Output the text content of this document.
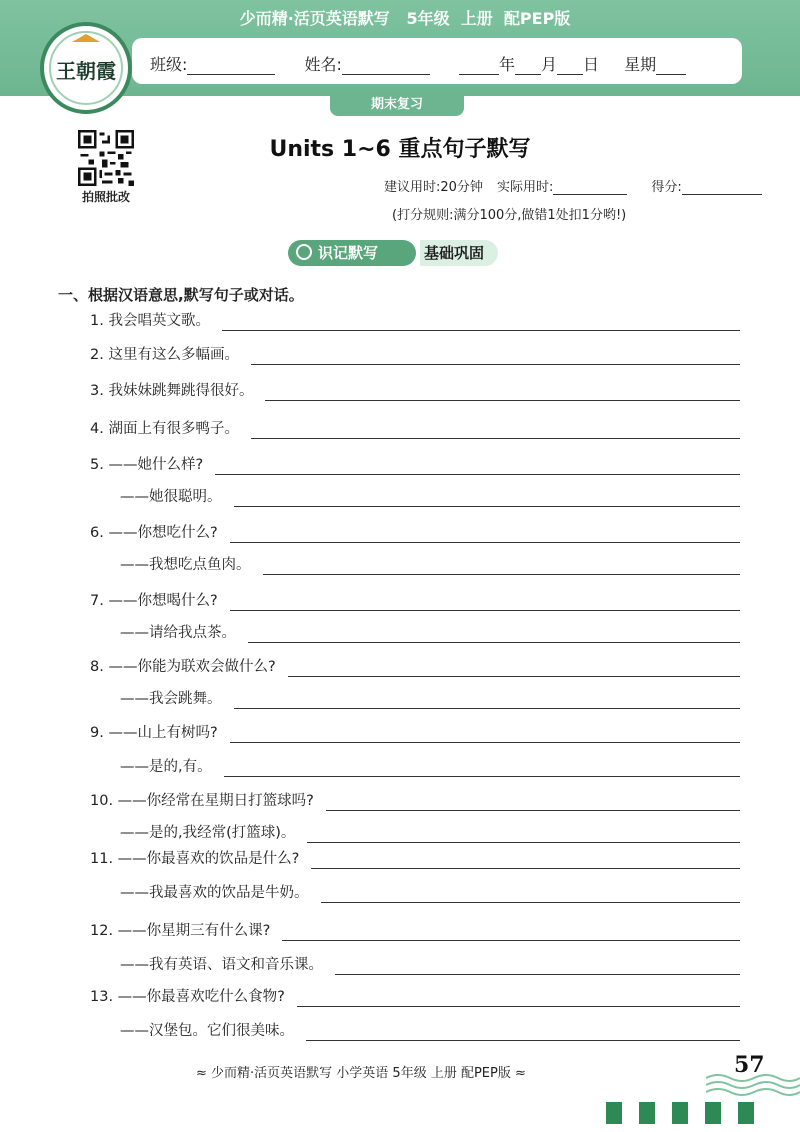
少而精·活页英语默写   5年级  上册  配PEP版
王朝霞 班级:	姓名:	年 月 日 星期
期末复习
拍照批改
Units 1~6 重点句子默写
建议用时:20分钟 实际用时:	得分:
(打分规则:满分100分,做错1处扣1分哟!)
识记默写	基础巩固
一、根据汉语意思,默写句子或对话。
1. 我会唱英文歌。
2. 这里有这么多幅画。
3. 我妹妹跳舞跳得很好。
4. 湖面上有很多鸭子。
5. ——她什么样?
——她很聪明。
6. ——你想吃什么?
——我想吃点鱼肉。
7. ——你想喝什么?
——请给我点茶。
8. ——你能为联欢会做什么?
——我会跳舞。
9. ——山上有树吗?
——是的,有。
10. ——你经常在星期日打篮球吗?
——是的,我经常(打篮球)。
11. ——你最喜欢的饮品是什么?
——我最喜欢的饮品是牛奶。
12. ——你星期三有什么课?
——我有英语、语文和音乐课。
13. ——你最喜欢吃什么食物?
——汉堡包。它们很美味。
≈ 少而精·活页英语默写 小学英语 5年级 上册 配PEP版 ≈	57
